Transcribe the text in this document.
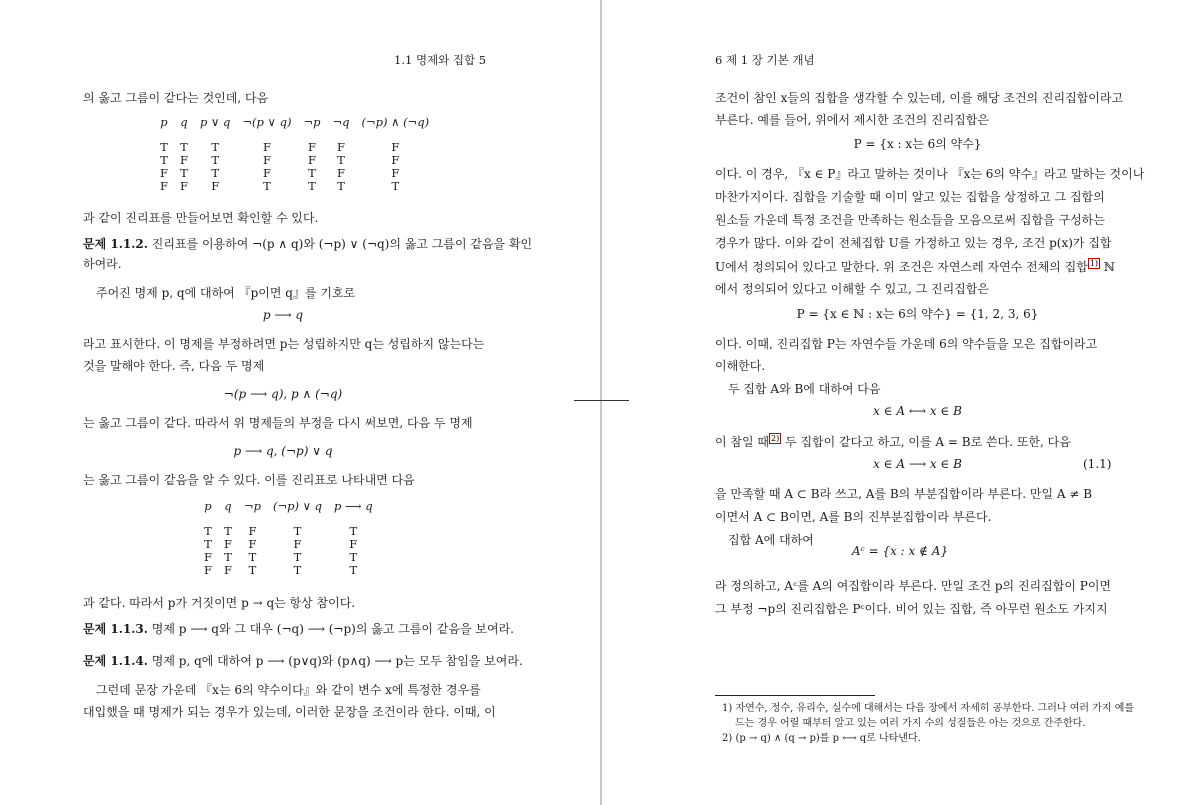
1.1 명제와 집합 5
의 옳고 그름이 같다는 것인데, 다음
p	q	p ∨ q	¬(p ∨ q)	¬p	¬q	(¬p) ∧ (¬q)
T	T	T	F	F	F	F
T	F	T	F	F	T	F
F	T	T	F	T	F	F
F	F	F	T	T	T	T
과 같이 진리표를 만들어보면 확인할 수 있다.
문제 1.1.2. 진리표를 이용하여 ¬(p ∧ q)와 (¬p) ∨ (¬q)의 옳고 그름이 같음을 확인
하여라.
주어진 명제 p, q에 대하여 『p이면 q』를 기호로
p ⟶ q
라고 표시한다. 이 명제를 부정하려면 p는 성립하지만 q는 성립하지 않는다는
것을 말해야 한다. 즉, 다음 두 명제
¬(p ⟶ q), p ∧ (¬q)
는 옳고 그름이 같다. 따라서 위 명제들의 부정을 다시 써보면, 다음 두 명제
p ⟶ q, (¬p) ∨ q
는 옳고 그름이 같음을 알 수 있다. 이를 진리표로 나타내면 다음
p	q	¬p	(¬p) ∨ q	p ⟶ q
T	T	F	T	T
T	F	F	F	F
F	T	T	T	T
F	F	T	T	T
과 같다. 따라서 p가 거짓이면 p → q는 항상 참이다.
문제 1.1.3. 명제 p ⟶ q와 그 대우 (¬q) ⟶ (¬p)의 옳고 그름이 같음을 보여라.
문제 1.1.4. 명제 p, q에 대하여 p ⟶ (p∨q)와 (p∧q) ⟶ p는 모두 참임을 보여라.
그런데 문장 가운데 『x는 6의 약수이다』와 같이 변수 x에 특정한 경우를
대입했을 때 명제가 되는 경우가 있는데, 이러한 문장을 조건이라 한다. 이때, 이
6 제 1 장 기본 개념
조건이 참인 x들의 집합을 생각할 수 있는데, 이를 해당 조건의 진리집합이라고
부른다. 예를 들어, 위에서 제시한 조건의 진리집합은
P = {x : x는 6의 약수}
이다. 이 경우, 『x ∈ P』라고 말하는 것이나 『x는 6의 약수』라고 말하는 것이나
마찬가지이다. 집합을 기술할 때 이미 알고 있는 집합을 상정하고 그 집합의
원소들 가운데 특정 조건을 만족하는 원소들을 모음으로써 집합을 구성하는
경우가 많다. 이와 같이 전체집합 U를 가정하고 있는 경우, 조건 p(x)가 집합
U에서 정의되어 있다고 말한다. 위 조건은 자연스레 자연수 전체의 집합 1) ℕ
에서 정의되어 있다고 이해할 수 있고, 그 진리집합은
P = {x ∈ ℕ : x는 6의 약수} = {1, 2, 3, 6}
이다. 이때, 진리집합 P는 자연수들 가운데 6의 약수들을 모은 집합이라고
이해한다.
두 집합 A와 B에 대하여 다음
x ∈ A ⟷ x ∈ B
이 참일 때 2) 두 집합이 같다고 하고, 이를 A = B로 쓴다. 또한, 다음
x ∈ A ⟶ x ∈ B	(1.1)
을 만족할 때 A ⊂ B라 쓰고, A를 B의 부분집합이라 부른다. 만일 A ≠ B
이면서 A ⊂ B이면, A를 B의 진부분집합이라 부른다.
집합 A에 대하여
Aᶜ = {x : x ∉ A}
라 정의하고, Aᶜ를 A의 여집합이라 부른다. 만일 조건 p의 진리집합이 P이면
그 부정 ¬p의 진리집합은 Pᶜ이다. 비어 있는 집합, 즉 아무런 원소도 가지지
1) 자연수, 정수, 유리수, 실수에 대해서는 다음 장에서 자세히 공부한다. 그러나 여러 가지 예를
드는 경우 어릴 때부터 알고 있는 여러 가지 수의 성질들은 아는 것으로 간주한다.
2) (p → q) ∧ (q → p)를 p ⟷ q로 나타낸다.
